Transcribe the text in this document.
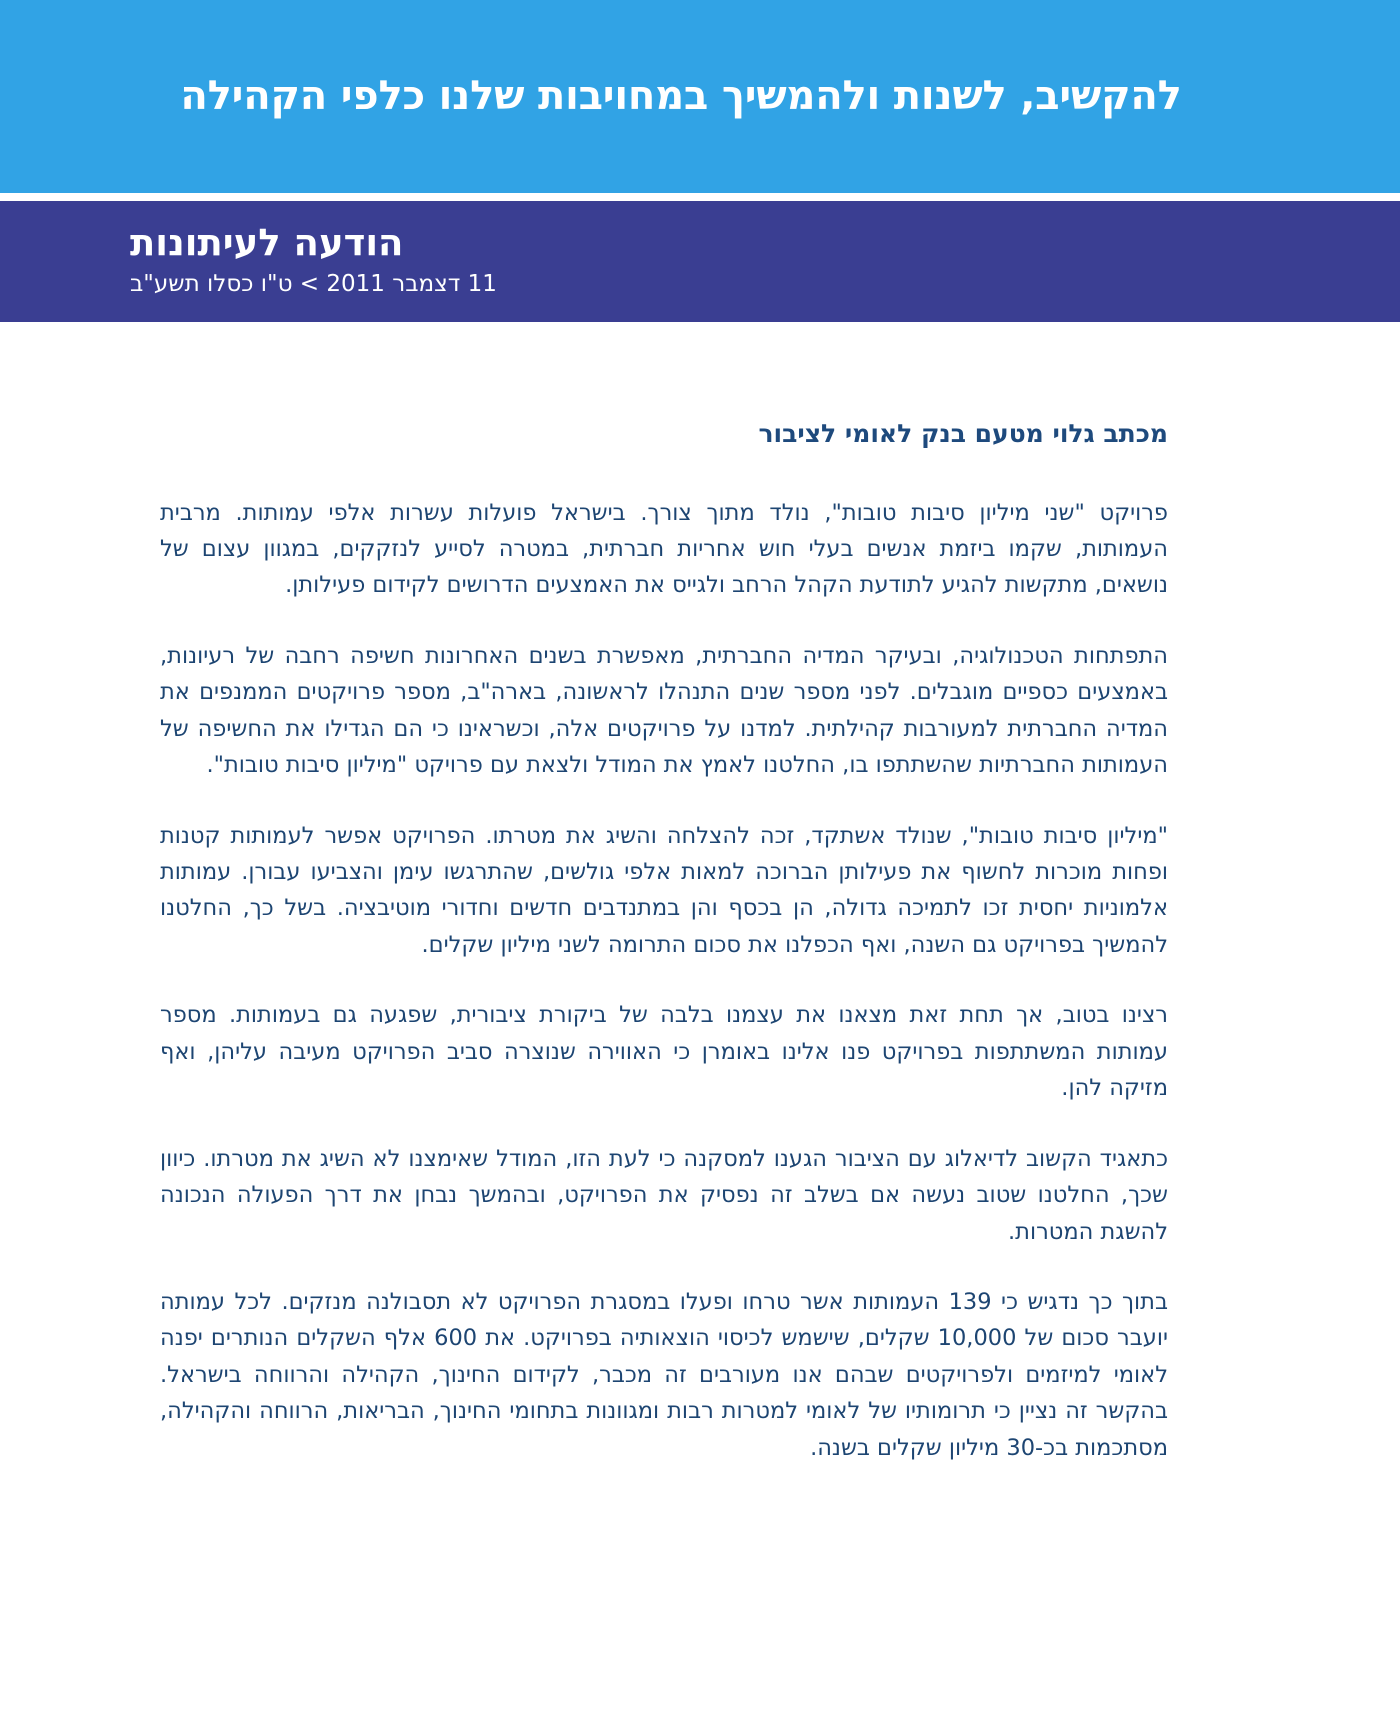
להקשיב, לשנות ולהמשיך במחויבות שלנו כלפי הקהילה
הודעה לעיתונות
11 דצמבר 2011 > ט"ו כסלו תשע"ב
מכתב גלוי מטעם בנק לאומי לציבור

פרויקט "שני מיליון סיבות טובות", נולד מתוך צורך. בישראל פועלות עשרות אלפי עמותות. מרבית העמותות, שקמו ביזמת אנשים בעלי חוש אחריות חברתית, במטרה לסייע לנזקקים, במגוון עצום של נושאים, מתקשות להגיע לתודעת הקהל הרחב ולגייס את האמצעים הדרושים לקידום פעילותן.

התפתחות הטכנולוגיה, ובעיקר המדיה החברתית, מאפשרת בשנים האחרונות חשיפה רחבה של רעיונות, באמצעים כספיים מוגבלים. לפני מספר שנים התנהלו לראשונה, בארה"ב, מספר פרויקטים הממנפים את המדיה החברתית למעורבות קהילתית. למדנו על פרויקטים אלה, וכשראינו כי הם הגדילו את החשיפה של העמותות החברתיות שהשתתפו בו, החלטנו לאמץ את המודל ולצאת עם פרויקט "מיליון סיבות טובות".

"מיליון סיבות טובות", שנולד אשתקד, זכה להצלחה והשיג את מטרתו. הפרויקט אפשר לעמותות קטנות ופחות מוכרות לחשוף את פעילותן הברוכה למאות אלפי גולשים, שהתרגשו עימן והצביעו עבורן. עמותות אלמוניות יחסית זכו לתמיכה גדולה, הן בכסף והן במתנדבים חדשים וחדורי מוטיבציה. בשל כך, החלטנו להמשיך בפרויקט גם השנה, ואף הכפלנו את סכום התרומה לשני מיליון שקלים.

רצינו בטוב, אך תחת זאת מצאנו את עצמנו בלבה של ביקורת ציבורית, שפגעה גם בעמותות. מספר עמותות המשתתפות בפרויקט פנו אלינו באומרן כי האווירה שנוצרה סביב הפרויקט מעיבה עליהן, ואף מזיקה להן.

כתאגיד הקשוב לדיאלוג עם הציבור הגענו למסקנה כי לעת הזו, המודל שאימצנו לא השיג את מטרתו. כיוון שכך, החלטנו שטוב נעשה אם בשלב זה נפסיק את הפרויקט, ובהמשך נבחן את דרך הפעולה הנכונה להשגת המטרות.

בתוך כך נדגיש כי 139 העמותות אשר טרחו ופעלו במסגרת הפרויקט לא תסבולנה מנזקים. לכל עמותה יועבר סכום של 10,000 שקלים, שישמש לכיסוי הוצאותיה בפרויקט. את 600 אלף השקלים הנותרים יפנה לאומי למיזמים ולפרויקטים שבהם אנו מעורבים זה מכבר, לקידום החינוך, הקהילה והרווחה בישראל. בהקשר זה נציין כי תרומותיו של לאומי למטרות רבות ומגוונות בתחומי החינוך, הבריאות, הרווחה והקהילה, מסתכמות בכ-30 מיליון שקלים בשנה.
